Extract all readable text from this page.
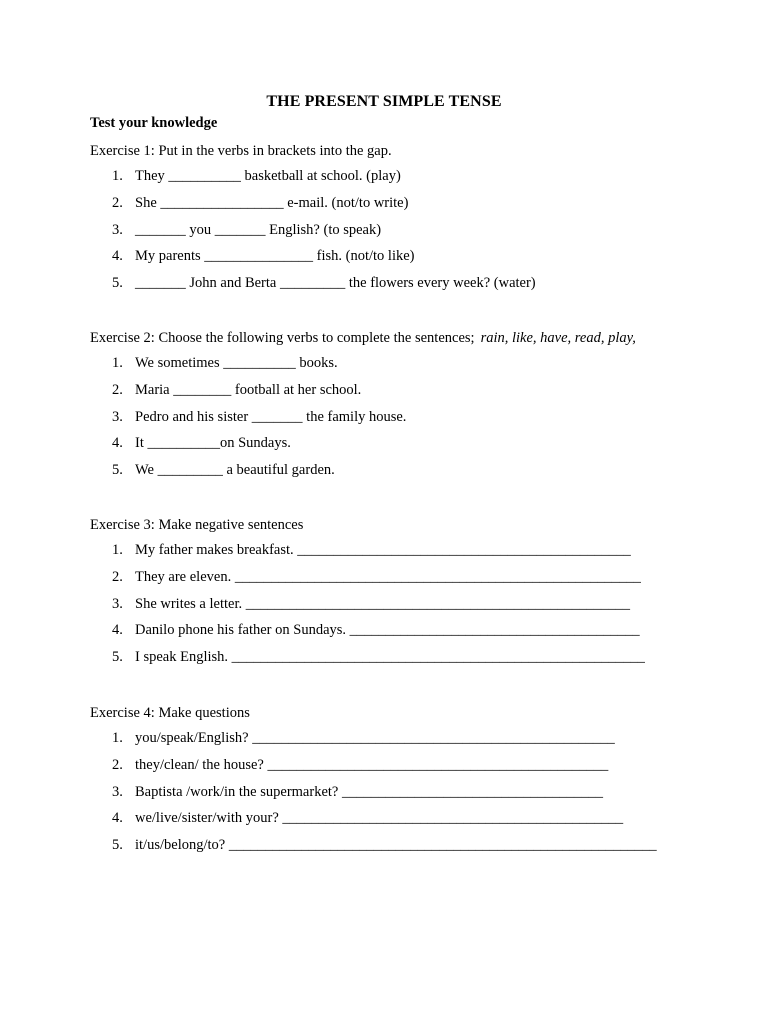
THE PRESENT SIMPLE TENSE
Test your knowledge
Exercise 1: Put in the verbs in brackets into the gap.
1. They __________ basketball at school. (play)
2. She _________________ e-mail. (not/to write)
3. _______ you _______ English? (to speak)
4. My parents _______________ fish. (not/to like)
5. _______ John and Berta _________ the flowers every week? (water)
Exercise 2: Choose the following verbs to complete the sentences; rain, like, have, read, play,
1. We sometimes __________ books.
2. Maria ________ football at her school.
3. Pedro and his sister _______ the family house.
4. It __________on Sundays.
5. We _________ a beautiful garden.
Exercise 3: Make negative sentences
1. My father makes breakfast. ______________________________________________
2. They are eleven. ________________________________________________________
3. She writes a letter. _____________________________________________________
4. Danilo phone his father on Sundays. ________________________________________
5. I speak English. _________________________________________________________
Exercise 4: Make questions
1. you/speak/English? __________________________________________________
2. they/clean/ the house? _______________________________________________
3. Baptista /work/in the supermarket? ____________________________________
4. we/live/sister/with your? _______________________________________________
5. it/us/belong/to? ___________________________________________________________
